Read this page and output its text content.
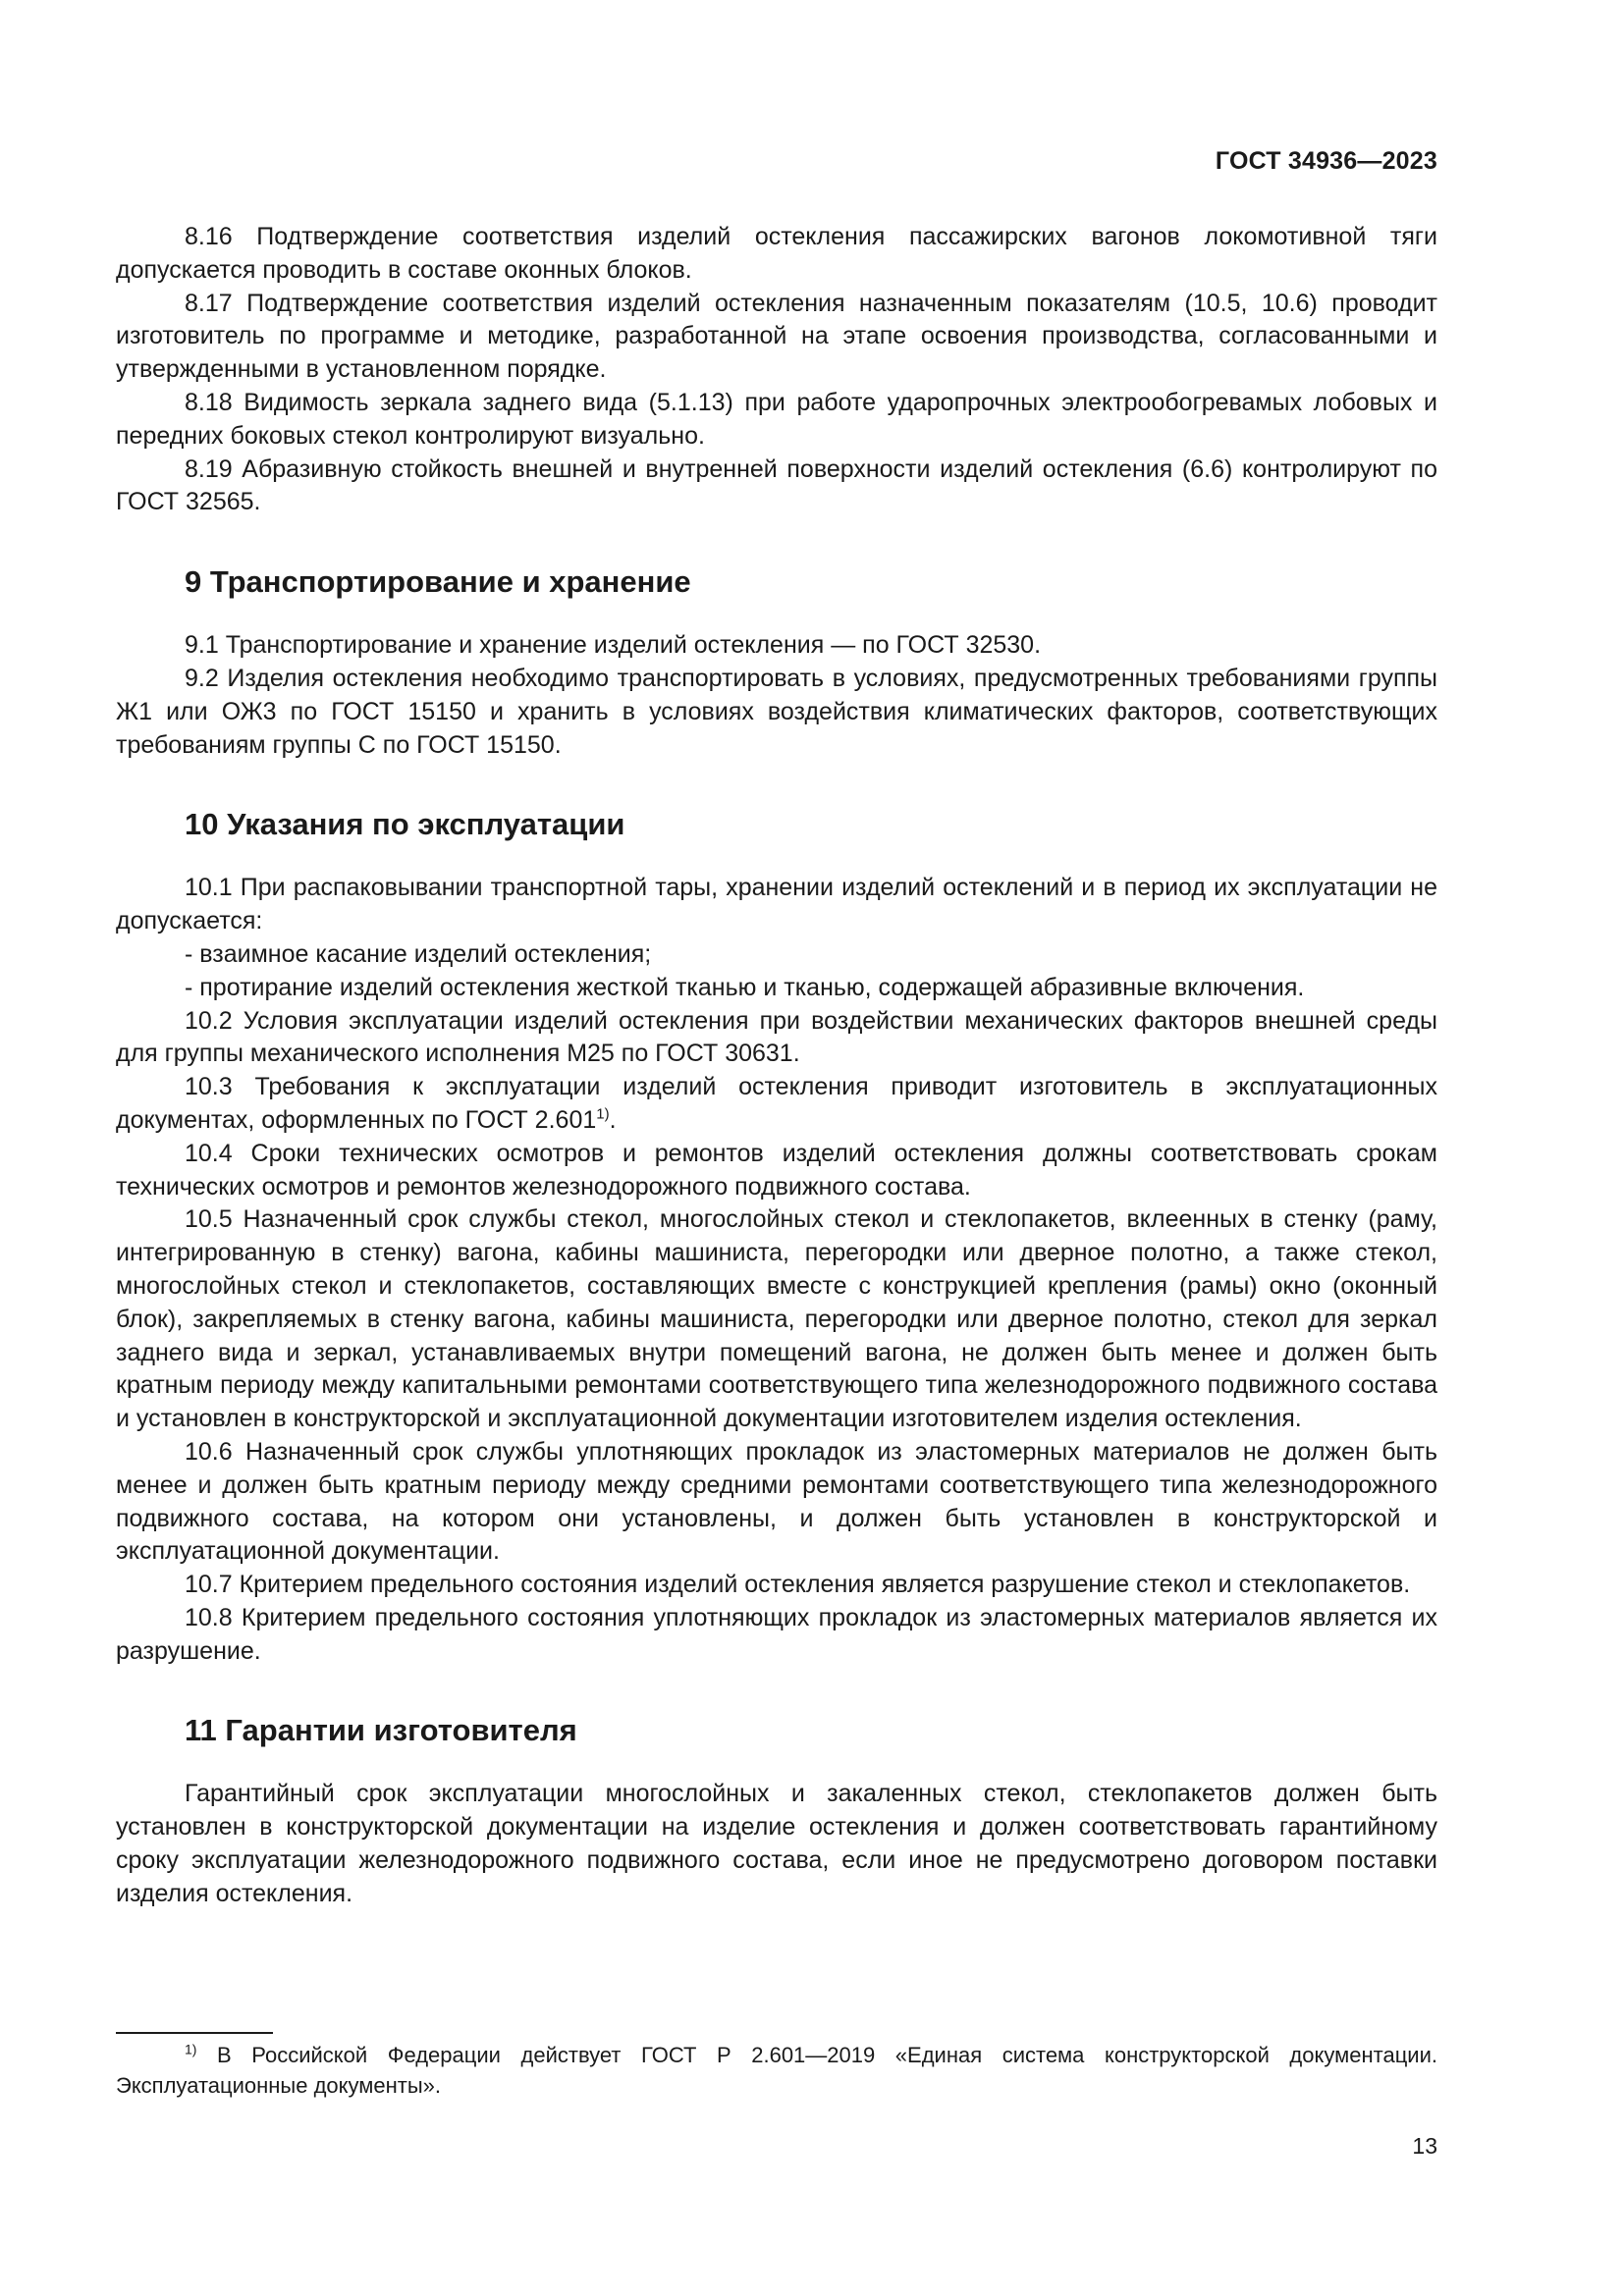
ГОСТ 34936—2023

8.16 Подтверждение соответствия изделий остекления пассажирских вагонов локомотивной тяги допускается проводить в составе оконных блоков.

8.17 Подтверждение соответствия изделий остекления назначенным показателям (10.5, 10.6) проводит изготовитель по программе и методике, разработанной на этапе освоения производства, согласованными и утвержденными в установленном порядке.

8.18 Видимость зеркала заднего вида (5.1.13) при работе ударопрочных электрообогревамых лобовых и передних боковых стекол контролируют визуально.

8.19 Абразивную стойкость внешней и внутренней поверхности изделий остекления (6.6) контролируют по ГОСТ 32565.

9 Транспортирование и хранение

9.1 Транспортирование и хранение изделий остекления — по ГОСТ 32530.

9.2 Изделия остекления необходимо транспортировать в условиях, предусмотренных требованиями группы Ж1 или ОЖ3 по ГОСТ 15150 и хранить в условиях воздействия климатических факторов, соответствующих требованиям группы С по ГОСТ 15150.

10 Указания по эксплуатации

10.1 При распаковывании транспортной тары, хранении изделий остеклений и в период их эксплуатации не допускается:

- взаимное касание изделий остекления;

- протирание изделий остекления жесткой тканью и тканью, содержащей абразивные включения.

10.2 Условия эксплуатации изделий остекления при воздействии механических факторов внешней среды для группы механического исполнения М25 по ГОСТ 30631.

10.3 Требования к эксплуатации изделий остекления приводит изготовитель в эксплуатационных документах, оформленных по ГОСТ 2.601$^{1)}$.

10.4 Сроки технических осмотров и ремонтов изделий остекления должны соответствовать срокам технических осмотров и ремонтов железнодорожного подвижного состава.

10.5 Назначенный срок службы стекол, многослойных стекол и стеклопакетов, вклеенных в стенку (раму, интегрированную в стенку) вагона, кабины машиниста, перегородки или дверное полотно, а также стекол, многослойных стекол и стеклопакетов, составляющих вместе с конструкцией крепления (рамы) окно (оконный блок), закрепляемых в стенку вагона, кабины машиниста, перегородки или дверное полотно, стекол для зеркал заднего вида и зеркал, устанавливаемых внутри помещений вагона, не должен быть менее и должен быть кратным периоду между капитальными ремонтами соответствующего типа железнодорожного подвижного состава и установлен в конструкторской и эксплуатационной документации изготовителем изделия остекления.

10.6 Назначенный срок службы уплотняющих прокладок из эластомерных материалов не должен быть менее и должен быть кратным периоду между средними ремонтами соответствующего типа железнодорожного подвижного состава, на котором они установлены, и должен быть установлен в конструкторской и эксплуатационной документации.

10.7 Критерием предельного состояния изделий остекления является разрушение стекол и стеклопакетов.

10.8 Критерием предельного состояния уплотняющих прокладок из эластомерных материалов является их разрушение.

11 Гарантии изготовителя

Гарантийный срок эксплуатации многослойных и закаленных стекол, стеклопакетов должен быть установлен в конструкторской документации на изделие остекления и должен соответствовать гарантийному сроку эксплуатации железнодорожного подвижного состава, если иное не предусмотрено договором поставки изделия остекления.

$^{1)}$ В Российской Федерации действует ГОСТ Р 2.601—2019 «Единая система конструкторской документации. Эксплуатационные документы».

13
